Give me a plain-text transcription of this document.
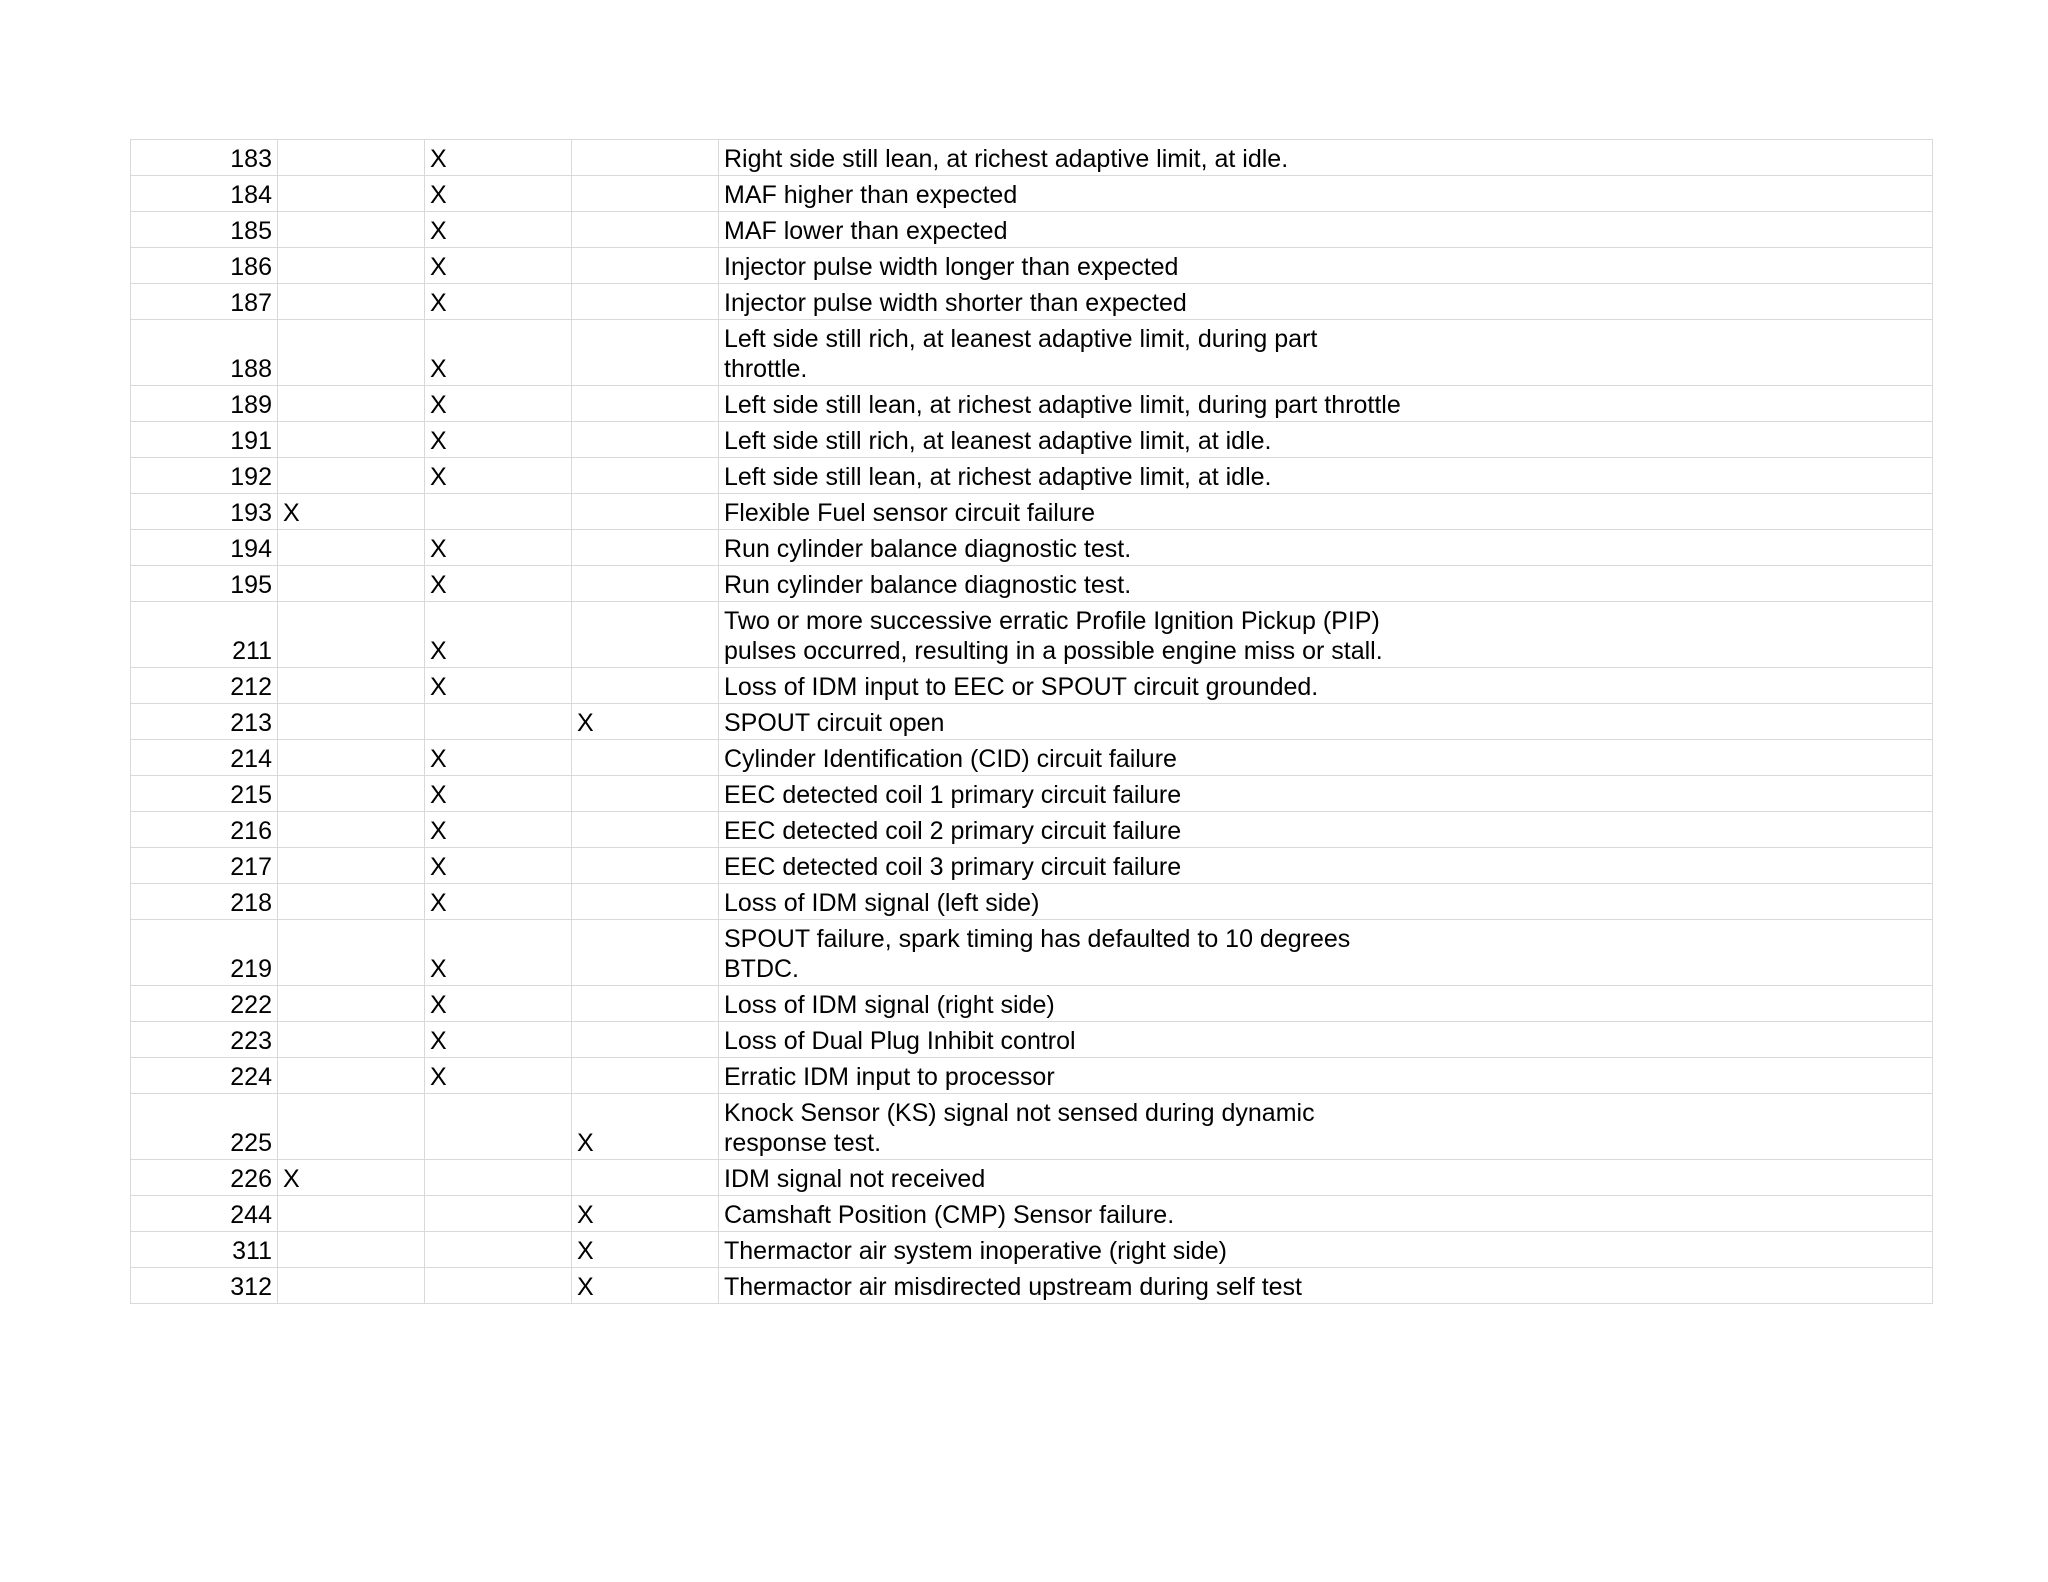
183		X		Right side still lean, at richest adaptive limit, at idle.

184		X		MAF higher than expected

185		X		MAF lower than expected

186		X		Injector pulse width longer than expected

187		X		Injector pulse width shorter than expected

188		X		Left side still rich, at leanest adaptive limit, during part throttle.

189		X		Left side still lean, at richest adaptive limit, during part throttle

191		X		Left side still rich, at leanest adaptive limit, at idle.

192		X		Left side still lean, at richest adaptive limit, at idle.

193	X			Flexible Fuel sensor circuit failure

194		X		Run cylinder balance diagnostic test.

195		X		Run cylinder balance diagnostic test.

211		X		Two or more successive erratic Profile Ignition Pickup (PIP) pulses occurred, resulting in a possible engine miss or stall.

212		X		Loss of IDM input to EEC or SPOUT circuit grounded.

213			X	SPOUT circuit open

214		X		Cylinder Identification (CID) circuit failure

215		X		EEC detected coil 1 primary circuit failure

216		X		EEC detected coil 2 primary circuit failure

217		X		EEC detected coil 3 primary circuit failure

218		X		Loss of IDM signal (left side)

219		X		SPOUT failure, spark timing has defaulted to 10 degrees BTDC.

222		X		Loss of IDM signal (right side)

223		X		Loss of Dual Plug Inhibit control

224		X		Erratic IDM input to processor

225			X	Knock Sensor (KS) signal not sensed during dynamic response test.

226	X			IDM signal not received

244			X	Camshaft Position (CMP) Sensor failure.

311			X	Thermactor air system inoperative (right side)

312			X	Thermactor air misdirected upstream during self test
